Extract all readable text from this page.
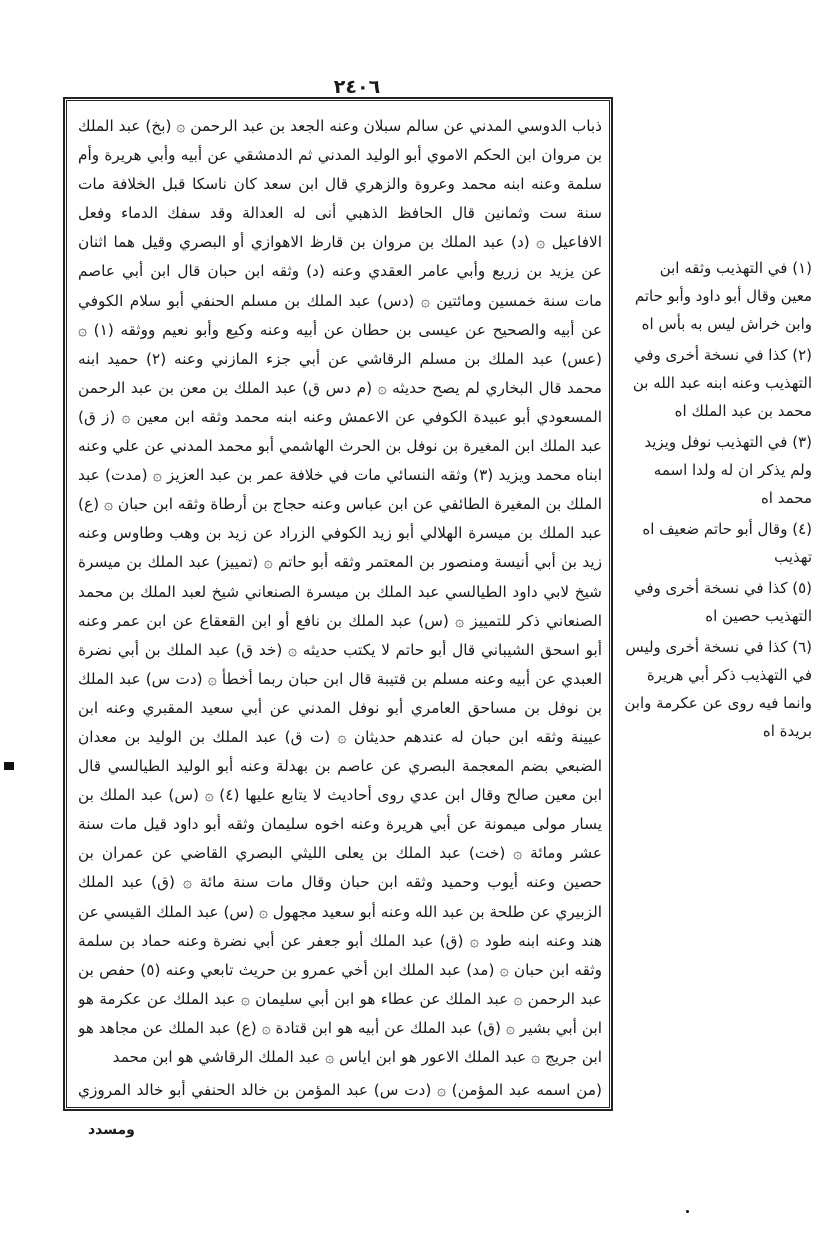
٢٤٠٦

ذباب الدوسي المدني عن سالم سبلان وعنه الجعد بن عبد الرحمن ۞ (بخ) عبد الملك بن مروان ابن الحكم الاموي أبو الوليد المدني ثم الدمشقي عن أبيه وأبي هريرة وأم سلمة وعنه ابنه محمد وعروة والزهري قال ابن سعد كان ناسكا قبل الخلافة مات سنة ست وثمانين قال الحافظ الذهبي أنى له العدالة وقد سفك الدماء وفعل الافاعيل ۞ (د) عبد الملك بن مروان بن قارظ الاهوازي أو البصري وقيل هما اثنان عن يزيد بن زريع وأبي عامر العقدي وعنه (د) وثقه ابن حبان قال ابن أبي عاصم مات سنة خمسين ومائتين ۞ (دس) عبد الملك بن مسلم الحنفي أبو سلام الكوفي عن أبيه والصحيح عن عيسى بن حطان عن أبيه وعنه وكيع وأبو نعيم ووثقه (١) ۞ (عس) عبد الملك بن مسلم الرقاشي عن أبي جزء المازني وعنه (٢) حميد ابنه محمد قال البخاري لم يصح حديثه ۞ (م دس ق) عبد الملك بن معن بن عبد الرحمن المسعودي أبو عبيدة الكوفي عن الاعمش وعنه ابنه محمد وثقه ابن معين ۞ (ز ق) عبد الملك ابن المغيرة بن نوفل بن الحرث الهاشمي أبو محمد المدني عن علي وعنه ابناه محمد ويزيد (٣) وثقه النسائي مات في خلافة عمر بن عبد العزيز ۞ (مدت) عبد الملك بن المغيرة الطائفي عن ابن عباس وعنه حجاج بن أرطاة وثقه ابن حبان ۞ (ع) عبد الملك بن ميسرة الهلالي أبو زيد الكوفي الزراد عن زيد بن وهب وطاوس وعنه زيد بن أبي أنيسة ومنصور بن المعتمر وثقه أبو حاتم ۞ (تمييز) عبد الملك بن ميسرة شيخ لابي داود الطيالسي عبد الملك بن ميسرة الصنعاني شيخ لعبد الملك بن محمد الصنعاني ذكر للتمييز ۞ (س) عبد الملك بن نافع أو ابن القعقاع عن ابن عمر وعنه أبو اسحق الشيباني قال أبو حاتم لا يكتب حديثه ۞ (خد ق) عبد الملك بن أبي نضرة العبدي عن أبيه وعنه مسلم بن قتيبة قال ابن حبان ربما أخطأ ۞ (دت س) عبد الملك بن نوفل بن مساحق العامري أبو نوفل المدني عن أبي سعيد المقبري وعنه ابن عيينة وثقه ابن حبان له عندهم حديثان ۞ (ت ق) عبد الملك بن الوليد بن معدان الضبعي بضم المعجمة البصري عن عاصم بن بهدلة وعنه أبو الوليد الطيالسي قال ابن معين صالح وقال ابن عدي روى أحاديث لا يتابع عليها (٤) ۞ (س) عبد الملك بن يسار مولى ميمونة عن أبي هريرة وعنه اخوه سليمان وثقه أبو داود قيل مات سنة عشر ومائة ۞ (خت) عبد الملك بن يعلى الليثي البصري القاضي عن عمران بن حصين وعنه أيوب وحميد وثقه ابن حبان وقال مات سنة مائة ۞ (ق) عبد الملك الزبيري عن طلحة بن عبد الله وعنه أبو سعيد مجهول ۞ (س) عبد الملك القيسي عن هند وعنه ابنه طود ۞ (ق) عبد الملك أبو جعفر عن أبي نضرة وعنه حماد بن سلمة وثقه ابن حبان ۞ (مد) عبد الملك ابن أخي عمرو بن حريث تابعي وعنه (٥) حفص بن عبد الرحمن ۞ عبد الملك عن عطاء هو ابن أبي سليمان ۞ عبد الملك عن عكرمة هو ابن أبي بشير ۞ (ق) عبد الملك عن أبيه هو ابن قتادة ۞ (ع) عبد الملك عن مجاهد هو ابن جريج ۞ عبد الملك الاعور هو ابن اياس ۞ عبد الملك الرقاشي هو ابن محمد

(من اسمه عبد المؤمن) ۞ (دت س) عبد المؤمن بن خالد الحنفي أبو خالد المروزي

(١) في التهذيب وثقه ابن معين وقال أبو داود وأبو حاتم وابن خراش ليس به بأس اه

(٢) كذا في نسخة أخرى وفي التهذيب وعنه ابنه عبد الله بن محمد بن عبد الملك اه

(٣) في التهذيب نوفل ويزيد ولم يذكر ان له ولدا اسمه محمد اه

(٤) وقال أبو حاتم ضعيف اه تهذيب

(٥) كذا في نسخة أخرى وفي التهذيب حصين اه

(٦) كذا في نسخة أخرى وليس في التهذيب ذكر أبي هريرة وانما فيه روى عن عكرمة وابن بريدة اه

ومسدد
